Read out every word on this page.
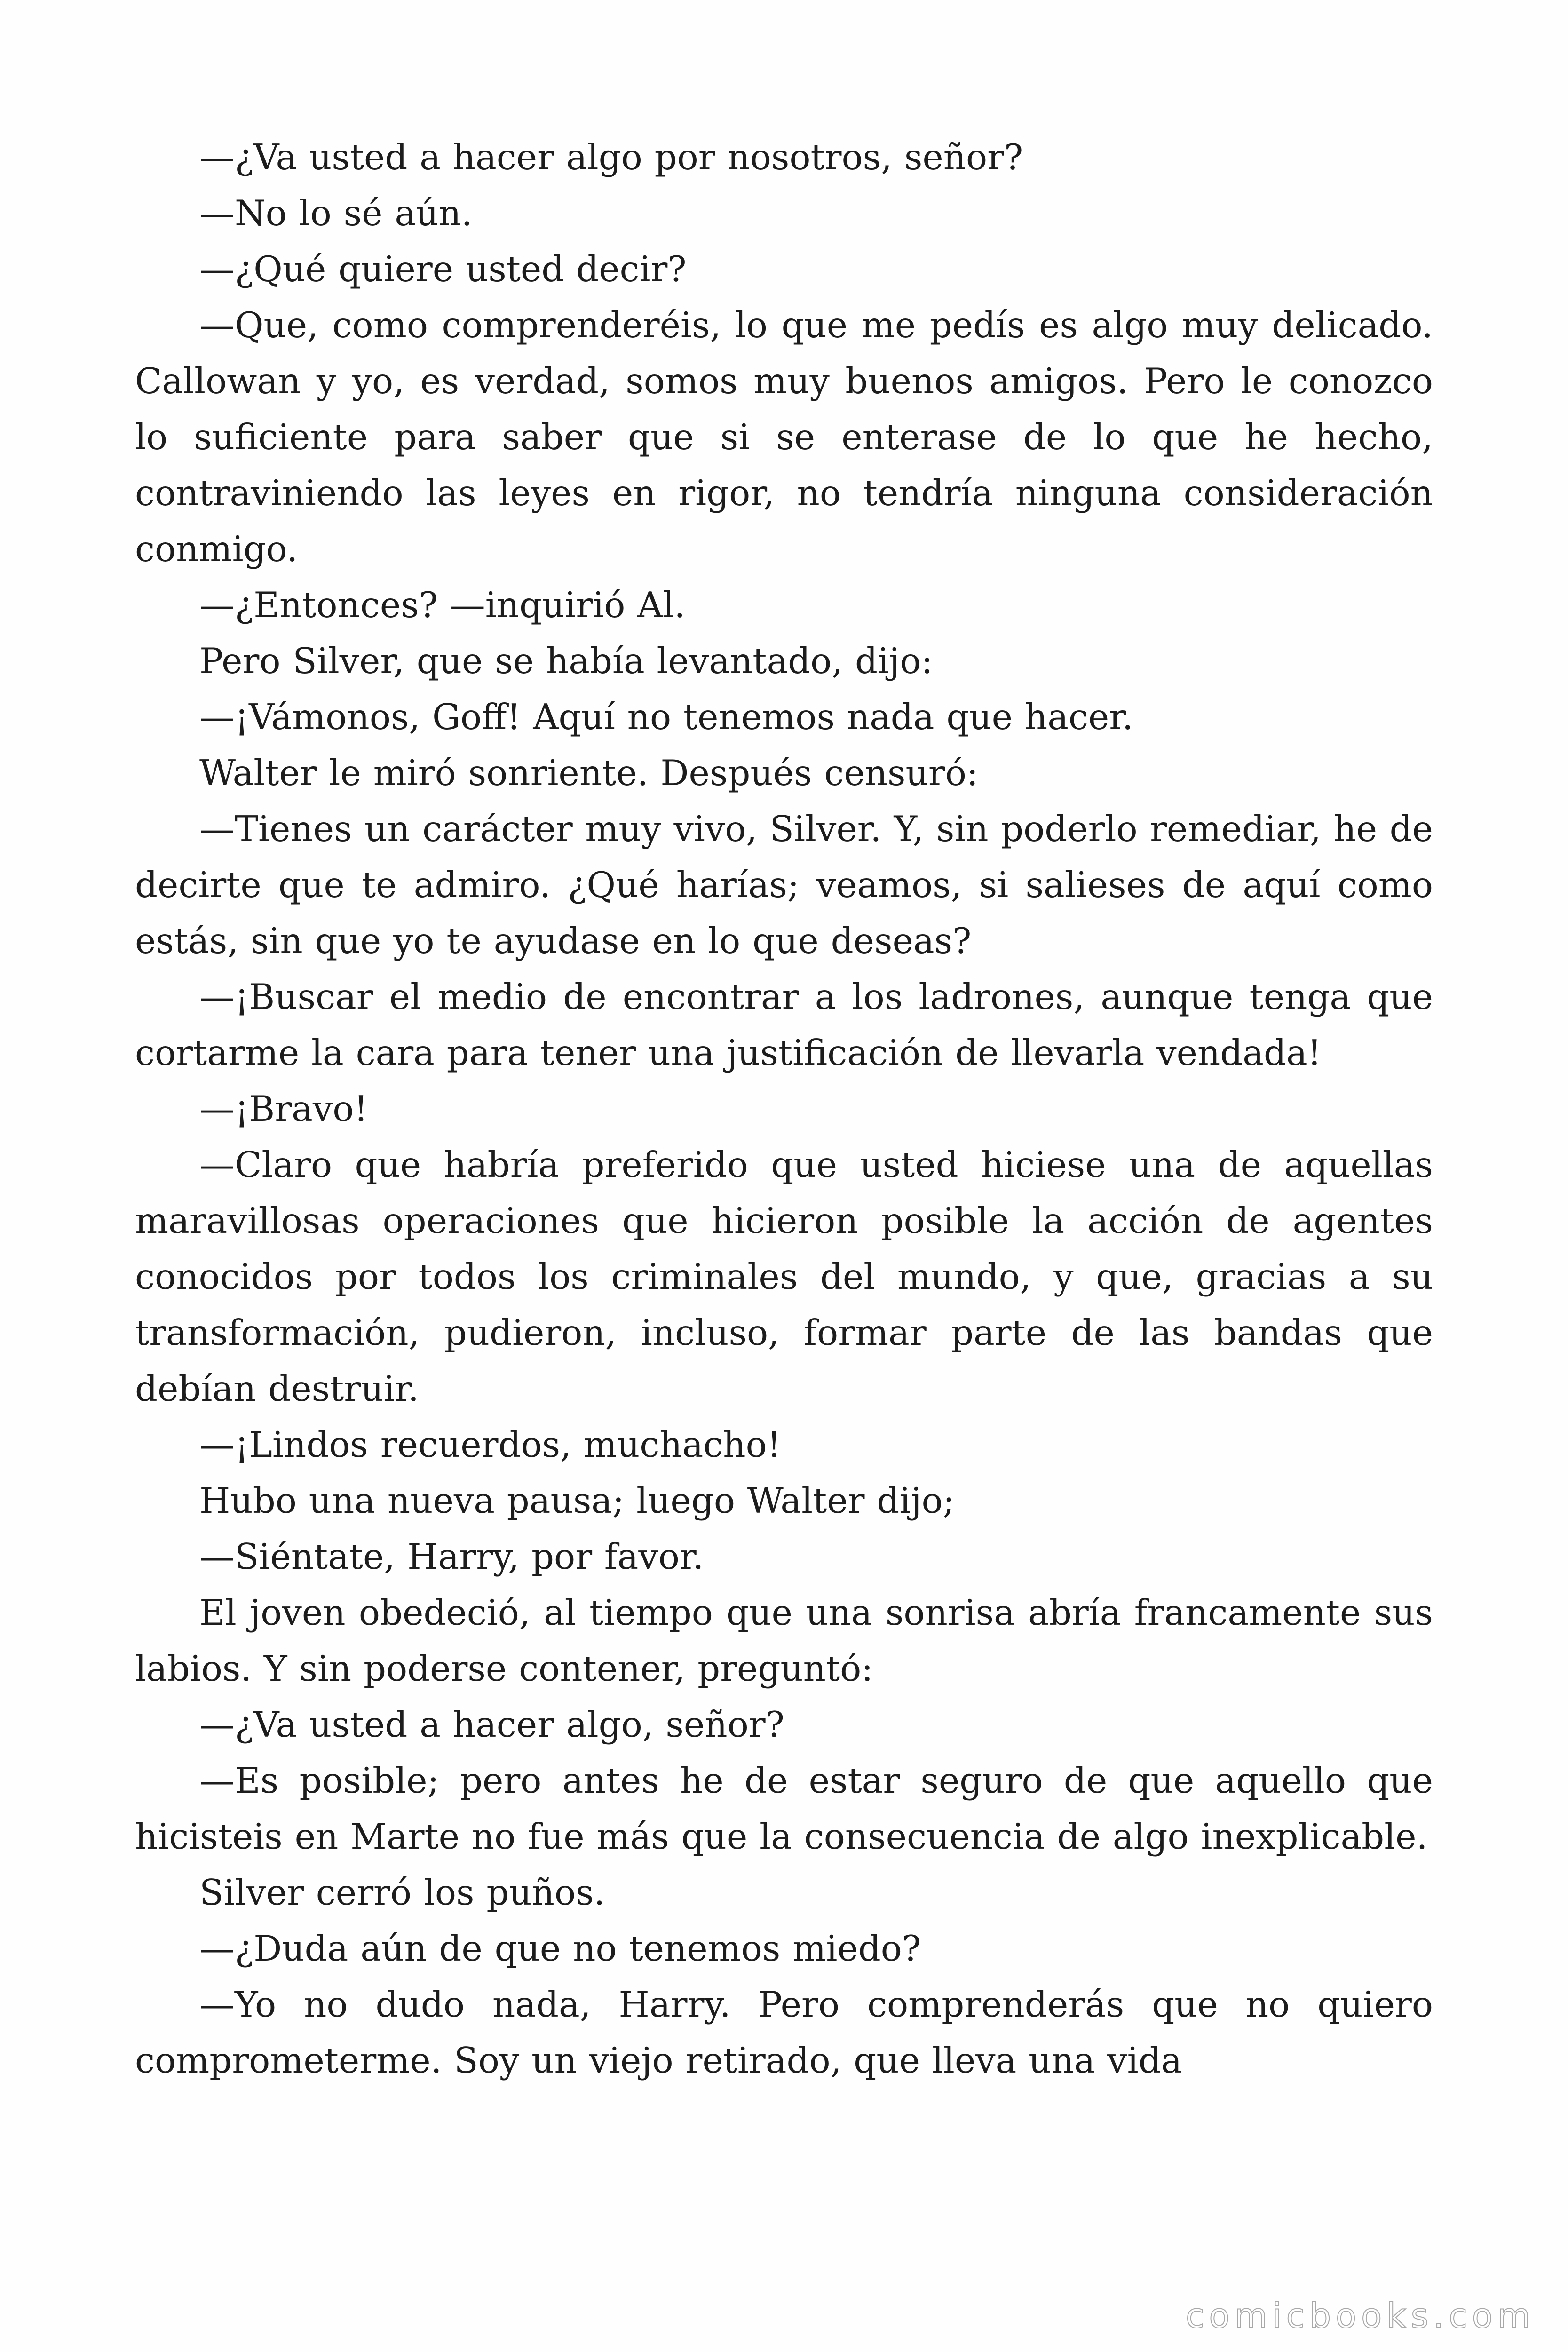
—¿Va usted a hacer algo por nosotros, señor?

—No lo sé aún.

—¿Qué quiere usted decir?

—Que, como comprenderéis, lo que me pedís es algo muy delicado. Callowan y yo, es verdad, somos muy buenos amigos. Pero le conozco lo suficiente para saber que si se enterase de lo que he hecho, contraviniendo las leyes en rigor, no tendría ninguna consideración conmigo.

—¿Entonces? —inquirió Al.

Pero Silver, que se había levantado, dijo:

—¡Vámonos, Goff! Aquí no tenemos nada que hacer.

Walter le miró sonriente. Después censuró:

—Tienes un carácter muy vivo, Silver. Y, sin poderlo remediar, he de decirte que te admiro. ¿Qué harías; veamos, si salieses de aquí como estás, sin que yo te ayudase en lo que deseas?

—¡Buscar el medio de encontrar a los ladrones, aunque tenga que cortarme la cara para tener una justificación de llevarla vendada!

—¡Bravo!

—Claro que habría preferido que usted hiciese una de aquellas maravillosas operaciones que hicieron posible la acción de agentes conocidos por todos los criminales del mundo, y que, gracias a su transformación, pudieron, incluso, formar parte de las bandas que debían destruir.

—¡Lindos recuerdos, muchacho!

Hubo una nueva pausa; luego Walter dijo;

—Siéntate, Harry, por favor.

El joven obedeció, al tiempo que una sonrisa abría francamente sus labios. Y sin poderse contener, preguntó:

—¿Va usted a hacer algo, señor?

—Es posible; pero antes he de estar seguro de que aquello que hicisteis en Marte no fue más que la consecuencia de algo inexplicable.

Silver cerró los puños.

—¿Duda aún de que no tenemos miedo?

—Yo no dudo nada, Harry. Pero comprenderás que no quiero comprometerme. Soy un viejo retirado, que lleva una vida

comicbooks.com
